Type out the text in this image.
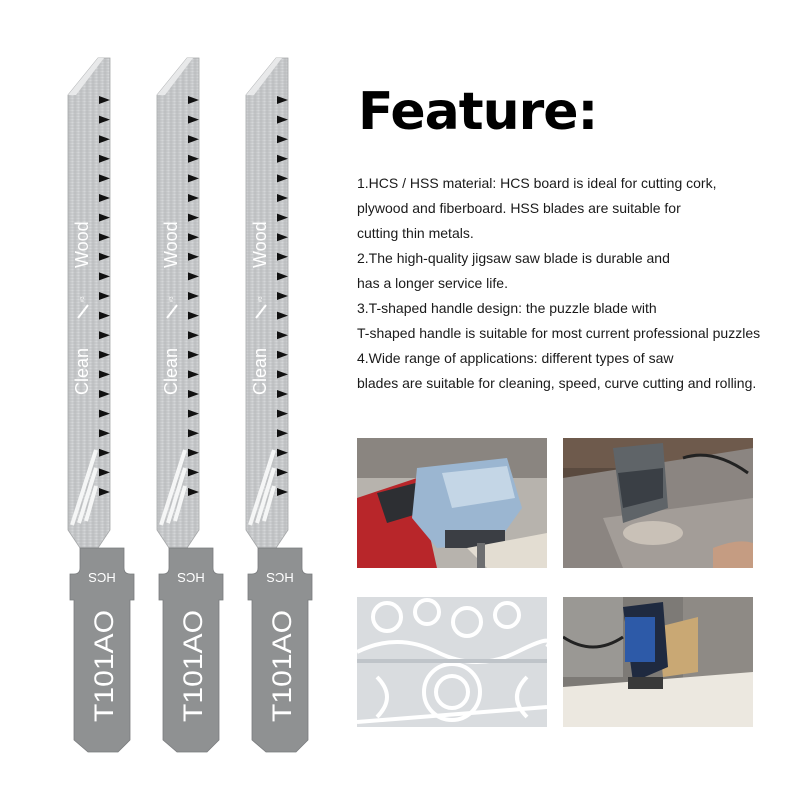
Wood
Clean
#3
HCS
T101AO
Wood
Clean
#3
HCS
T101AO
Wood
Clean
#3
HCS
T101AO
Feature:
1.HCS / HSS material: HCS board is ideal for cutting cork,
plywood and fiberboard. HSS blades are suitable for
cutting thin metals.
2.The high-quality jigsaw saw blade is durable and
has a longer service life.
3.T-shaped handle design: the puzzle blade with
T-shaped handle is suitable for most current professional puzzles
4.Wide range of applications: different types of saw
blades are suitable for cleaning, speed, curve cutting and rolling.
